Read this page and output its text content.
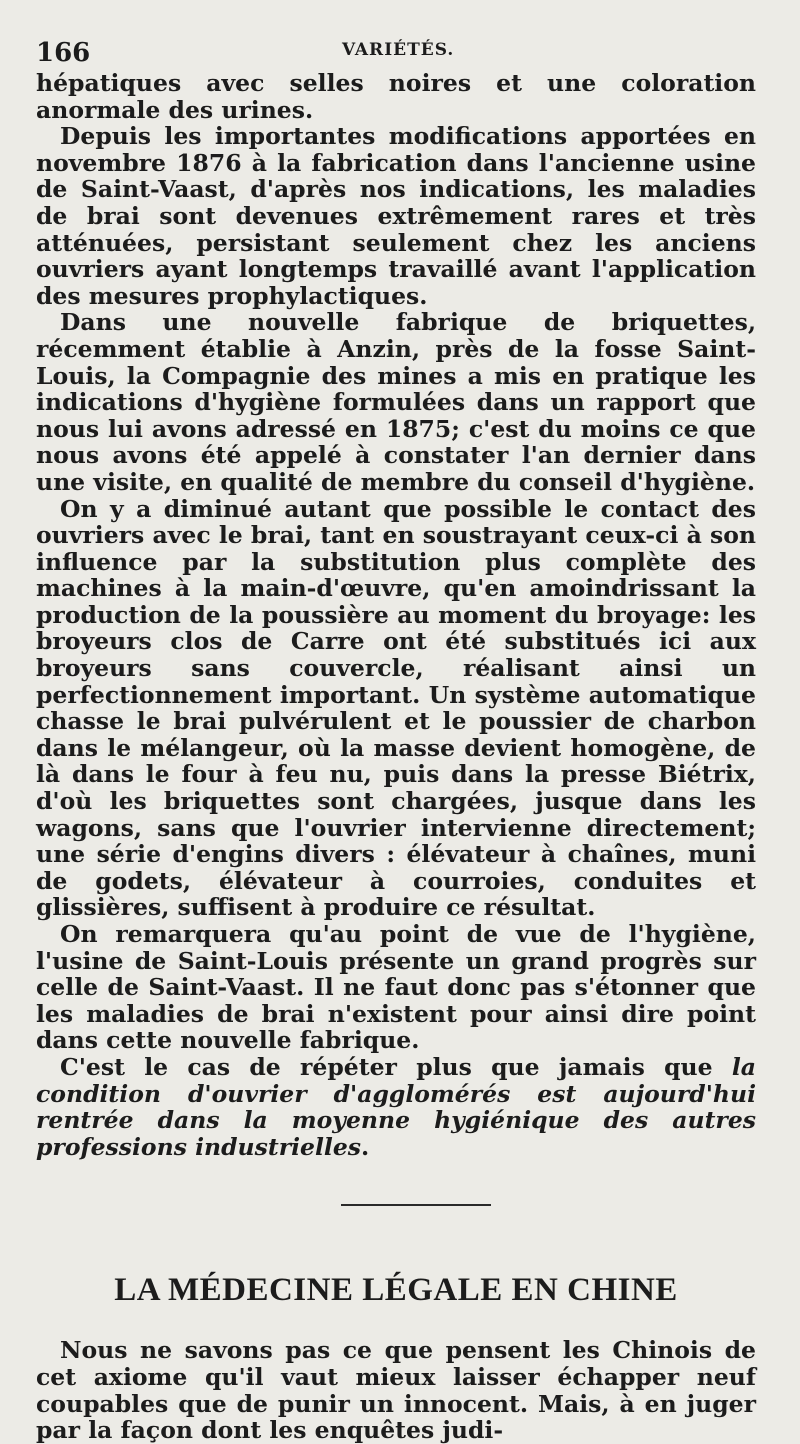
166	VARIÉTÉS.

hépatiques avec selles noires et une coloration anormale des urines.

Depuis les importantes modifications apportées en novembre 1876 à la fabrication dans l'ancienne usine de Saint-Vaast, d'après nos indications, les maladies de brai sont devenues extrêmement rares et très atténuées, persistant seulement chez les anciens ouvriers ayant longtemps travaillé avant l'application des mesures prophylactiques.

Dans une nouvelle fabrique de briquettes, récemment établie à Anzin, près de la fosse Saint-Louis, la Compagnie des mines a mis en pratique les indications d'hygiène formulées dans un rapport que nous lui avons adressé en 1875; c'est du moins ce que nous avons été appelé à constater l'an dernier dans une visite, en qualité de membre du conseil d'hygiène.

On y a diminué autant que possible le contact des ouvriers avec le brai, tant en soustrayant ceux-ci à son influence par la substitution plus complète des machines à la main-d'œuvre, qu'en amoindrissant la production de la poussière au moment du broyage: les broyeurs clos de Carre ont été substitués ici aux broyeurs sans couvercle, réalisant ainsi un perfectionnement important. Un système automatique chasse le brai pulvérulent et le poussier de charbon dans le mélangeur, où la masse devient homogène, de là dans le four à feu nu, puis dans la presse Biétrix, d'où les briquettes sont chargées, jusque dans les wagons, sans que l'ouvrier intervienne directement; une série d'engins divers : élévateur à chaînes, muni de godets, élévateur à courroies, conduites et glissières, suffisent à produire ce résultat.

On remarquera qu'au point de vue de l'hygiène, l'usine de Saint-Louis présente un grand progrès sur celle de Saint-Vaast. Il ne faut donc pas s'étonner que les maladies de brai n'existent pour ainsi dire point dans cette nouvelle fabrique.

C'est le cas de répéter plus que jamais que la condition d'ouvrier d'agglomérés est aujourd'hui rentrée dans la moyenne hygiénique des autres professions industrielles.

LA MÉDECINE LÉGALE EN CHINE

Nous ne savons pas ce que pensent les Chinois de cet axiome qu'il vaut mieux laisser échapper neuf coupables que de punir un innocent. Mais, à en juger par la façon dont les enquêtes judi-
